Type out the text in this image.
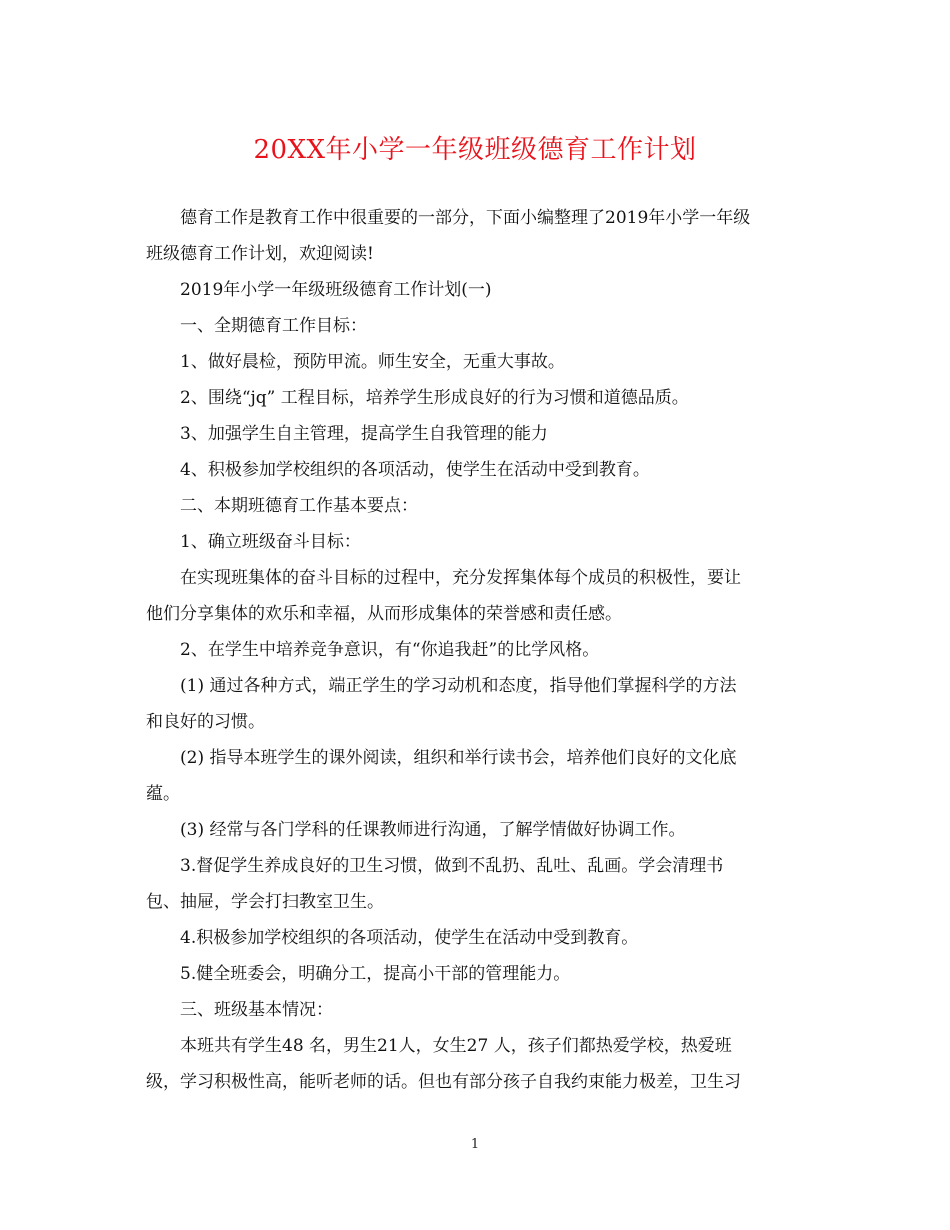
20XX年小学一年级班级德育工作计划

德育工作是教育工作中很重要的一部分，下面小编整理了2019年小学一年级
班级德育工作计划，欢迎阅读!

2019年小学一年级班级德育工作计划(一)

一、全期德育工作目标：

1、做好晨检，预防甲流。师生安全，无重大事故。

2、围绕“jq” 工程目标，培养学生形成良好的行为习惯和道德品质。

3、加强学生自主管理，提高学生自我管理的能力

4、积极参加学校组织的各项活动，使学生在活动中受到教育。

二、本期班德育工作基本要点：

1、确立班级奋斗目标：

在实现班集体的奋斗目标的过程中，充分发挥集体每个成员的积极性，要让
他们分享集体的欢乐和幸福，从而形成集体的荣誉感和责任感。

2、在学生中培养竞争意识，有“你追我赶”的比学风格。

(1) 通过各种方式，端正学生的学习动机和态度，指导他们掌握科学的方法
和良好的习惯。

(2) 指导本班学生的课外阅读，组织和举行读书会，培养他们良好的文化底
蕴。

(3) 经常与各门学科的任课教师进行沟通，了解学情做好协调工作。

3.督促学生养成良好的卫生习惯，做到不乱扔、乱吐、乱画。学会清理书
包、抽屉，学会打扫教室卫生。

4.积极参加学校组织的各项活动，使学生在活动中受到教育。

5.健全班委会，明确分工，提高小干部的管理能力。

三、班级基本情况：

本班共有学生48 名，男生21人，女生27 人，孩子们都热爱学校，热爱班
级，学习积极性高，能听老师的话。但也有部分孩子自我约束能力极差，卫生习

1
